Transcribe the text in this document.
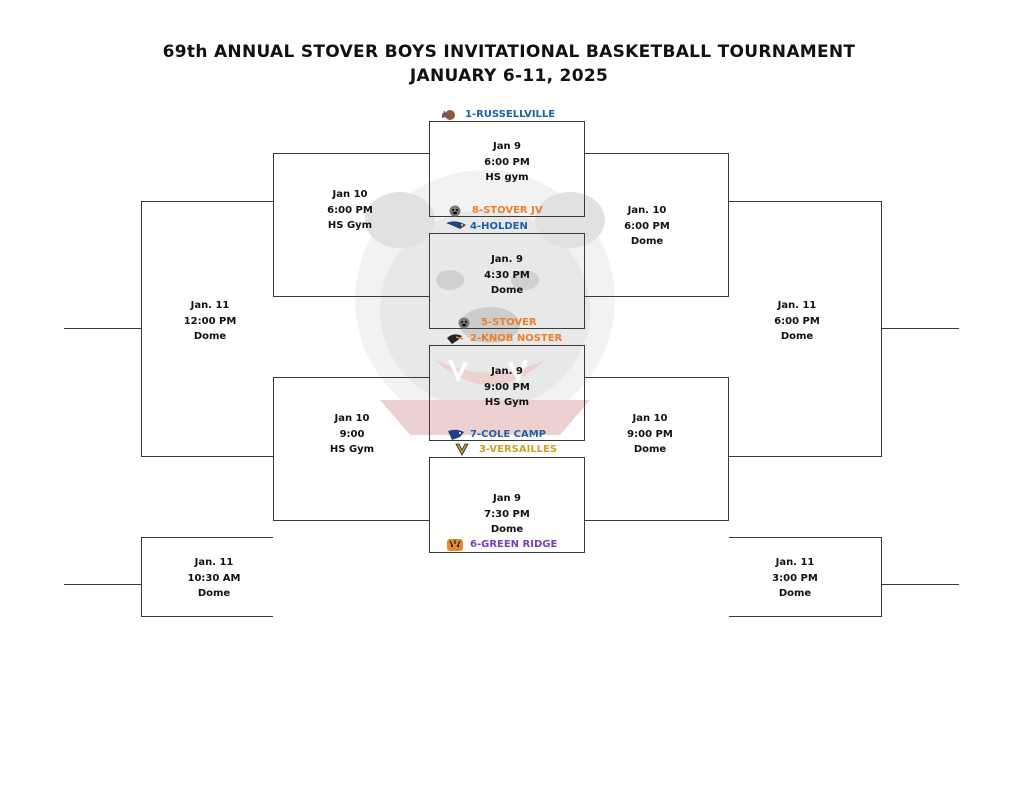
69th ANNUAL STOVER BOYS INVITATIONAL BASKETBALL TOURNAMENT
JANUARY 6-11, 2025
Jan 9
6:00 PM
HS gym
Jan. 9
4:30 PM
Dome
Jan. 9
9:00 PM
HS Gym
Jan 9
7:30 PM
Dome
Jan 10
6:00 PM
HS Gym
Jan 10
9:00
HS Gym
Jan. 10
6:00 PM
Dome
Jan 10
9:00 PM
Dome
Jan. 11
12:00 PM
Dome
Jan. 11
6:00 PM
Dome
Jan. 11
10:30 AM
Dome
Jan. 11
3:00 PM
Dome
1-RUSSELLVILLE
8-STOVER JV
4-HOLDEN
5-STOVER
2-KNOB NOSTER
7-COLE CAMP
3-VERSAILLES
6-GREEN RIDGE
